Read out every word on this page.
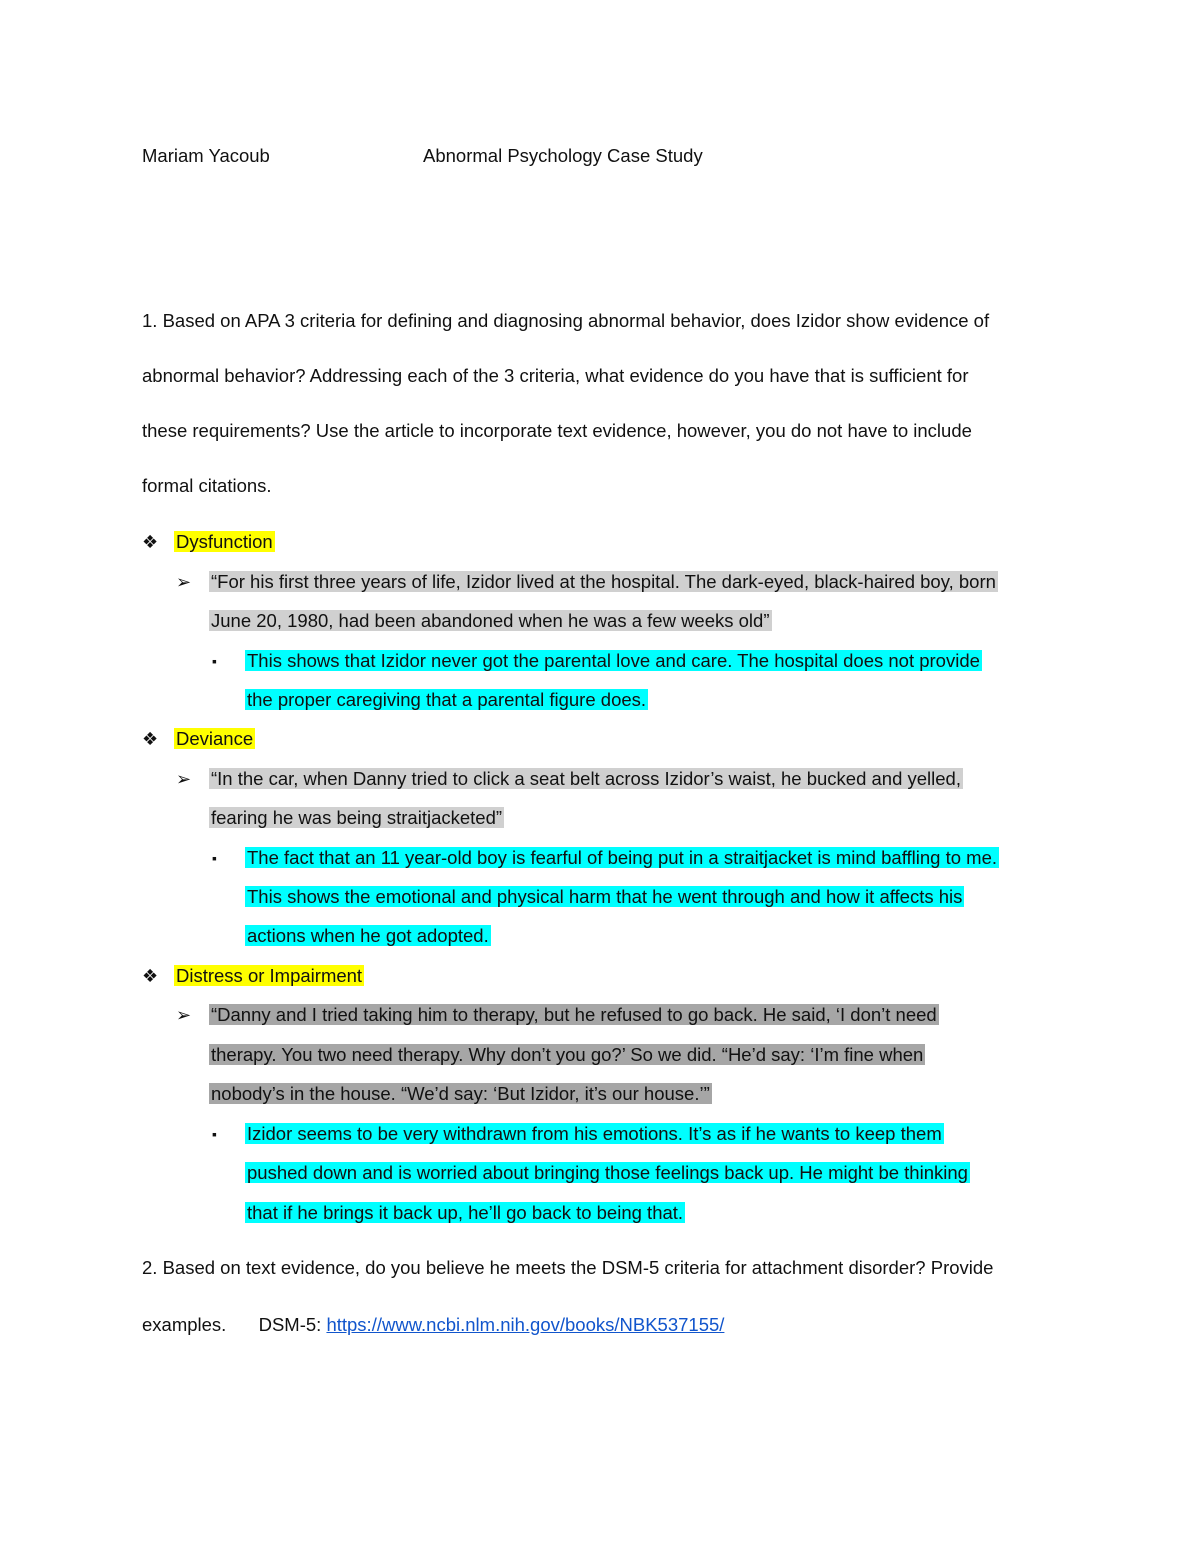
Mariam Yacoub	Abnormal Psychology Case Study
1. Based on APA 3 criteria for defining and diagnosing abnormal behavior, does Izidor show evidence of
abnormal behavior? Addressing each of the 3 criteria, what evidence do you have that is sufficient for
these requirements? Use the article to incorporate text evidence, however, you do not have to include
formal citations.
❖ Dysfunction
➢ “For his first three years of life, Izidor lived at the hospital. The dark-eyed, black-haired boy, born
June 20, 1980, had been abandoned when he was a few weeks old”
▪ This shows that Izidor never got the parental love and care. The hospital does not provide
the proper caregiving that a parental figure does.
❖ Deviance
➢ “In the car, when Danny tried to click a seat belt across Izidor’s waist, he bucked and yelled,
fearing he was being straitjacketed”
▪ The fact that an 11 year-old boy is fearful of being put in a straitjacket is mind baffling to me.
This shows the emotional and physical harm that he went through and how it affects his
actions when he got adopted.
❖ Distress or Impairment
➢ “Danny and I tried taking him to therapy, but he refused to go back. He said, ‘I don’t need
therapy. You two need therapy. Why don’t you go?’ So we did. “He’d say: ‘I’m fine when
nobody’s in the house. “We’d say: ‘But Izidor, it’s our house.’”
▪ Izidor seems to be very withdrawn from his emotions. It’s as if he wants to keep them
pushed down and is worried about bringing those feelings back up. He might be thinking
that if he brings it back up, he’ll go back to being that.
2. Based on text evidence, do you believe he meets the DSM-5 criteria for attachment disorder? Provide
examples. DSM-5: https://www.ncbi.nlm.nih.gov/books/NBK537155/
